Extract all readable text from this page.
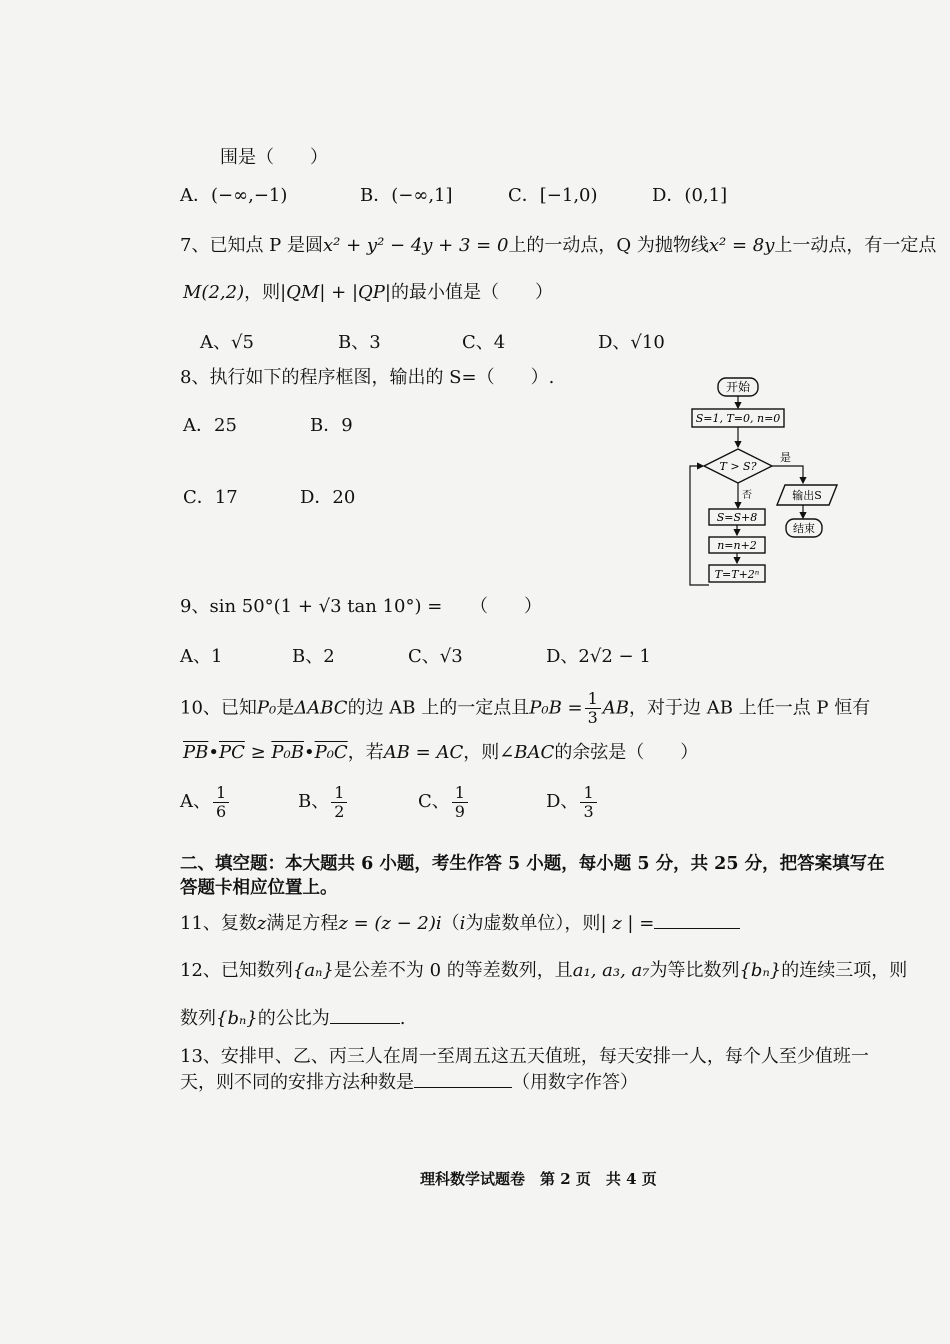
围是（　　）
A．(−∞,−1)	B．(−∞,1]	C．[−1,0)	D．(0,1]
7、已知点 P 是圆x² + y² − 4y + 3 = 0上的一动点，Q 为抛物线x² = 8y上一动点，有一定点
M(2,2)，则|QM| + |QP|的最小值是（　　）
A、√5	B、3	C、4	D、√10
8、执行如下的程序框图，输出的 S=（　　）.
A．25	B．9
C．17	D．20
开始
S=1, T=0, n=0
T > S?
是
输出S
结束
否
S=S+8
n=n+2
T=T+2ⁿ
9、sin 50°(1 + √3 tan 10°) = （　　）
A、1	B、2	C、√3	D、2√2 − 1
10、已知P₀是ΔABC的边 AB 上的一定点且$P_0B = \frac{1}{3}$ AB，对于边 AB 上任一点 P 恒有
$\overline{PB}•\overline{PC}$ ≥ P₀B•P₀C，若AB = AC，则∠BAC的余弦是（　　）
A、 $\frac{1}{6}$	B、 $\frac{1}{2}$	C、 $\frac{1}{9}$	D、 $\frac{1}{3}$
二、填空题：本大题共 6 小题，考生作答 5 小题，每小题 5 分，共 25 分，把答案填写在
答题卡相应位置上。
11、复数z满足方程z = (z − 2)i（i为虚数单位），则| z | =
12、已知数列{aₙ}是公差不为 0 的等差数列，且a₁, a₃, a₇为等比数列{bₙ}的连续三项，则
数列{bₙ}的公比为	.
13、安排甲、乙、丙三人在周一至周五这五天值班，每天安排一人，每个人至少值班一
天，则不同的安排方法种数是	（用数字作答）
理科数学试题卷　第 2 页　共 4 页
